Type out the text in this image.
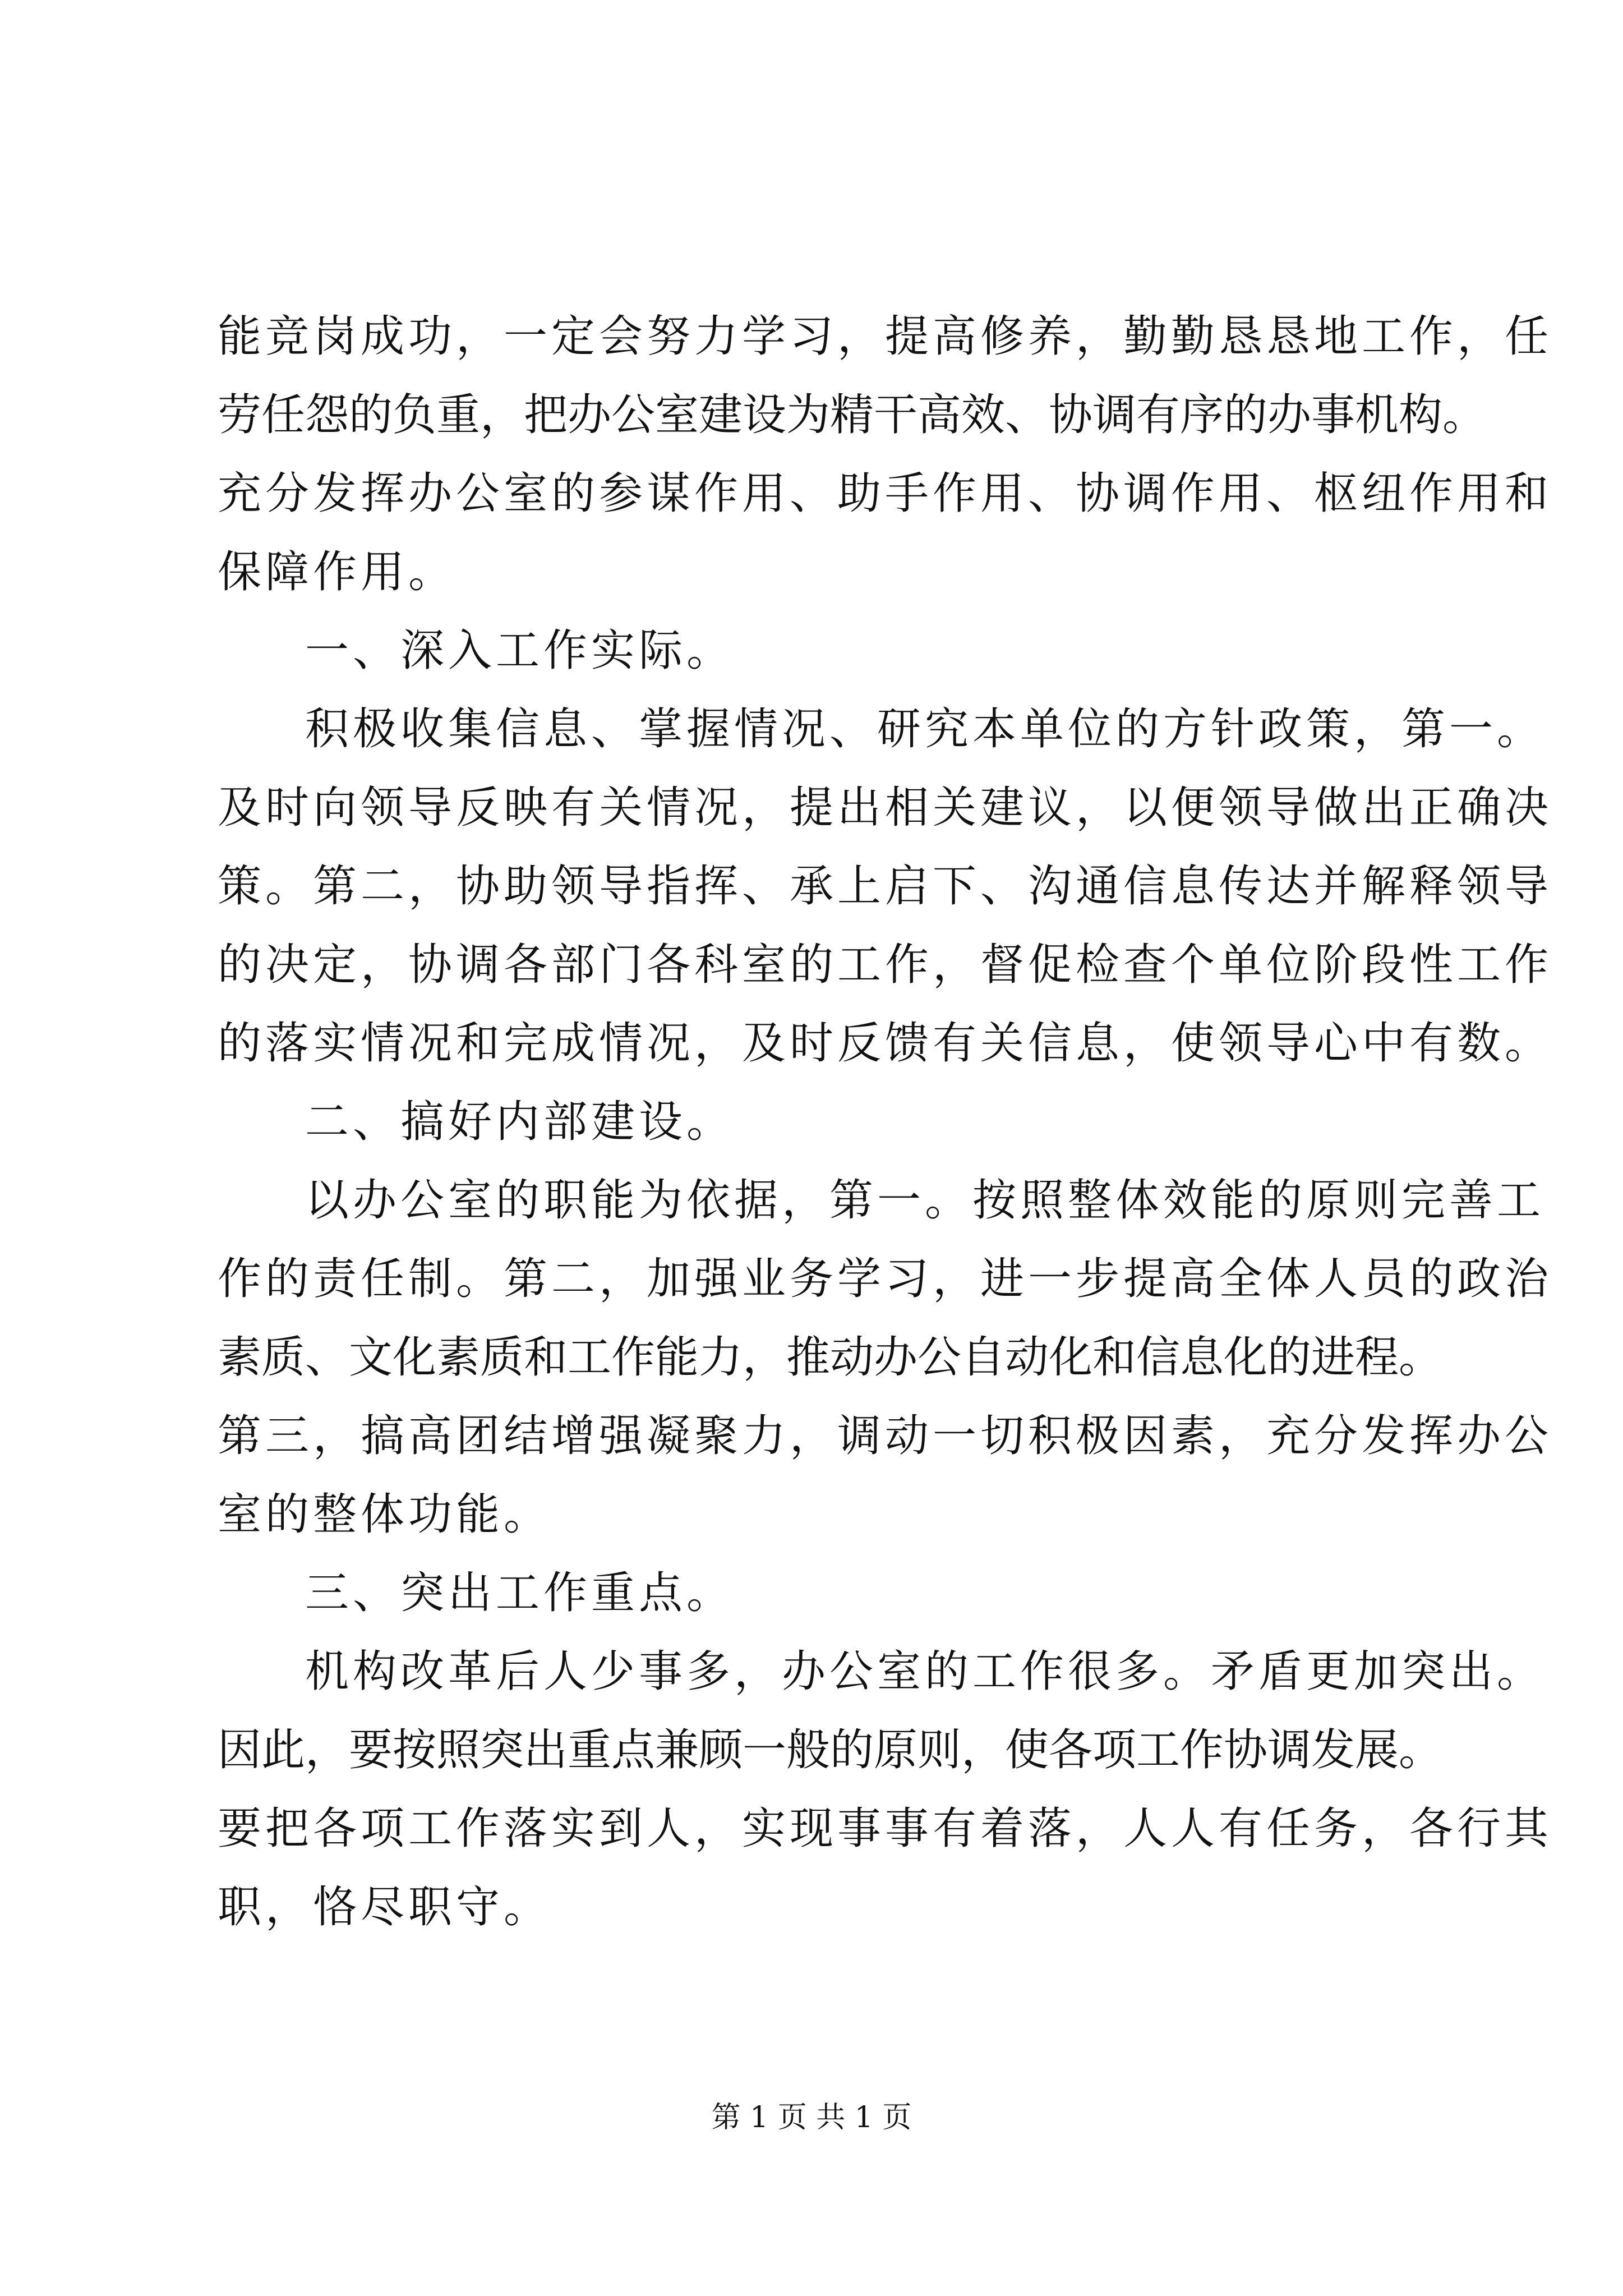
能竞岗成功，一定会努力学习，提高修养，勤勤恳恳地工作，任
劳任怨的负重，把办公室建设为精干高效、协调有序的办事机构。
充分发挥办公室的参谋作用、助手作用、协调作用、枢纽作用和
保障作用。
一、深入工作实际。
积极收集信息、掌握情况、研究本单位的方针政策，第一。
及时向领导反映有关情况，提出相关建议，以便领导做出正确决
策。第二，协助领导指挥、承上启下、沟通信息传达并解释领导
的决定，协调各部门各科室的工作，督促检查个单位阶段性工作
的落实情况和完成情况，及时反馈有关信息，使领导心中有数。
二、搞好内部建设。
以办公室的职能为依据，第一。按照整体效能的原则完善工
作的责任制。第二，加强业务学习，进一步提高全体人员的政治
素质、文化素质和工作能力，推动办公自动化和信息化的进程。
第三，搞高团结增强凝聚力，调动一切积极因素，充分发挥办公
室的整体功能。
三、突出工作重点。
机构改革后人少事多，办公室的工作很多。矛盾更加突出。
因此，要按照突出重点兼顾一般的原则，使各项工作协调发展。
要把各项工作落实到人，实现事事有着落，人人有任务，各行其
职，恪尽职守。
第 1 页 共 1 页
